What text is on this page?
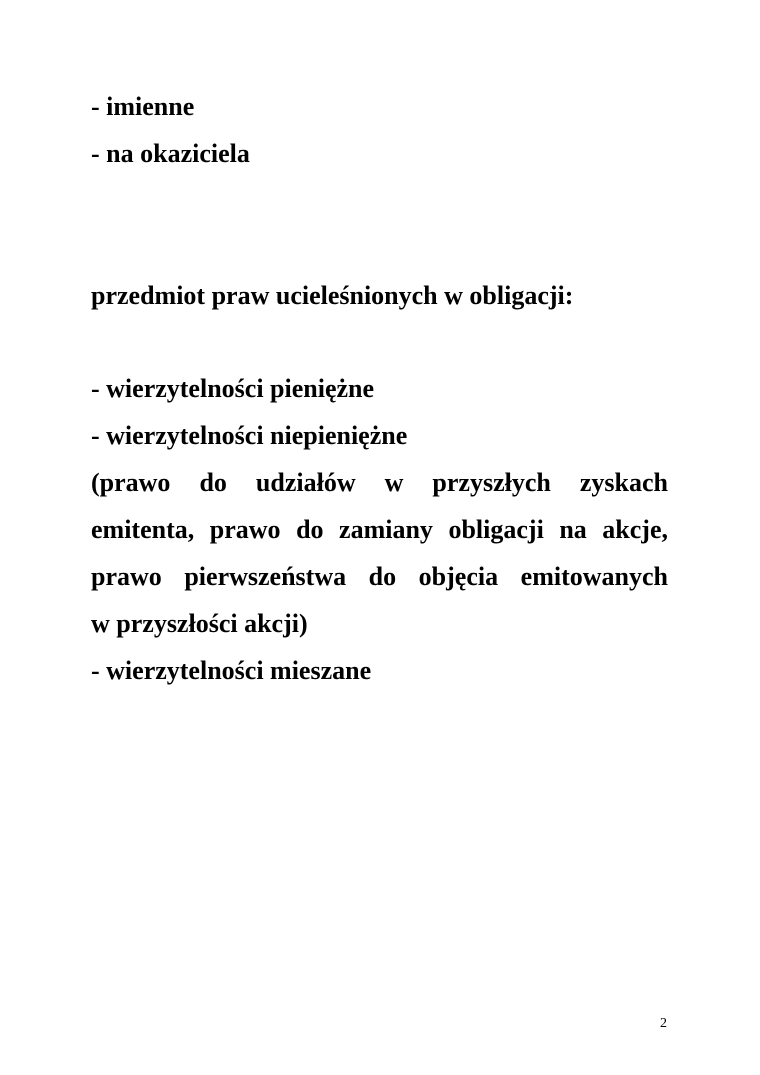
- imienne
- na okaziciela
przedmiot praw ucieleśnionych w obligacji:
- wierzytelności pieniężne
- wierzytelności niepieniężne
(prawo do udziałów w przyszłych zyskach
emitenta, prawo do zamiany obligacji na akcje,
prawo pierwszeństwa do objęcia emitowanych
w przyszłości akcji)
- wierzytelności mieszane
2
